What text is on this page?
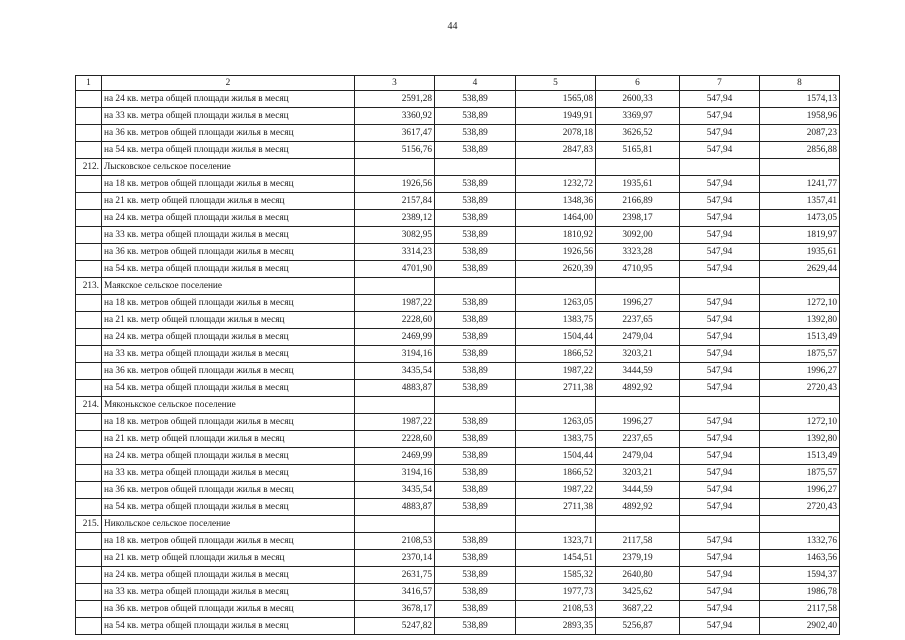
44
1	2	3	4	5	6	7	8
	на 24 кв. метра общей площади жилья в месяц	2591,28	538,89	1565,08	2600,33	547,94	1574,13
	на 33 кв. метра общей площади жилья в месяц	3360,92	538,89	1949,91	3369,97	547,94	1958,96
	на 36 кв. метров общей площади жилья в месяц	3617,47	538,89	2078,18	3626,52	547,94	2087,23
	на 54 кв. метра общей площади жилья в месяц	5156,76	538,89	2847,83	5165,81	547,94	2856,88
212.	Лысковское сельское поселение						
	на 18 кв. метров общей площади жилья в месяц	1926,56	538,89	1232,72	1935,61	547,94	1241,77
	на 21 кв. метр общей площади жилья в месяц	2157,84	538,89	1348,36	2166,89	547,94	1357,41
	на 24 кв. метра общей площади жилья в месяц	2389,12	538,89	1464,00	2398,17	547,94	1473,05
	на 33 кв. метра общей площади жилья в месяц	3082,95	538,89	1810,92	3092,00	547,94	1819,97
	на 36 кв. метров общей площади жилья в месяц	3314,23	538,89	1926,56	3323,28	547,94	1935,61
	на 54 кв. метра общей площади жилья в месяц	4701,90	538,89	2620,39	4710,95	547,94	2629,44
213.	Маякское сельское поселение						
	на 18 кв. метров общей площади жилья в месяц	1987,22	538,89	1263,05	1996,27	547,94	1272,10
	на 21 кв. метр общей площади жилья в месяц	2228,60	538,89	1383,75	2237,65	547,94	1392,80
	на 24 кв. метра общей площади жилья в месяц	2469,99	538,89	1504,44	2479,04	547,94	1513,49
	на 33 кв. метра общей площади жилья в месяц	3194,16	538,89	1866,52	3203,21	547,94	1875,57
	на 36 кв. метров общей площади жилья в месяц	3435,54	538,89	1987,22	3444,59	547,94	1996,27
	на 54 кв. метра общей площади жилья в месяц	4883,87	538,89	2711,38	4892,92	547,94	2720,43
214.	Мяконькское сельское поселение						
	на 18 кв. метров общей площади жилья в месяц	1987,22	538,89	1263,05	1996,27	547,94	1272,10
	на 21 кв. метр общей площади жилья в месяц	2228,60	538,89	1383,75	2237,65	547,94	1392,80
	на 24 кв. метра общей площади жилья в месяц	2469,99	538,89	1504,44	2479,04	547,94	1513,49
	на 33 кв. метра общей площади жилья в месяц	3194,16	538,89	1866,52	3203,21	547,94	1875,57
	на 36 кв. метров общей площади жилья в месяц	3435,54	538,89	1987,22	3444,59	547,94	1996,27
	на 54 кв. метра общей площади жилья в месяц	4883,87	538,89	2711,38	4892,92	547,94	2720,43
215.	Никольское сельское поселение						
	на 18 кв. метров общей площади жилья в месяц	2108,53	538,89	1323,71	2117,58	547,94	1332,76
	на 21 кв. метр общей площади жилья в месяц	2370,14	538,89	1454,51	2379,19	547,94	1463,56
	на 24 кв. метра общей площади жилья в месяц	2631,75	538,89	1585,32	2640,80	547,94	1594,37
	на 33 кв. метра общей площади жилья в месяц	3416,57	538,89	1977,73	3425,62	547,94	1986,78
	на 36 кв. метров общей площади жилья в месяц	3678,17	538,89	2108,53	3687,22	547,94	2117,58
	на 54 кв. метра общей площади жилья в месяц	5247,82	538,89	2893,35	5256,87	547,94	2902,40
